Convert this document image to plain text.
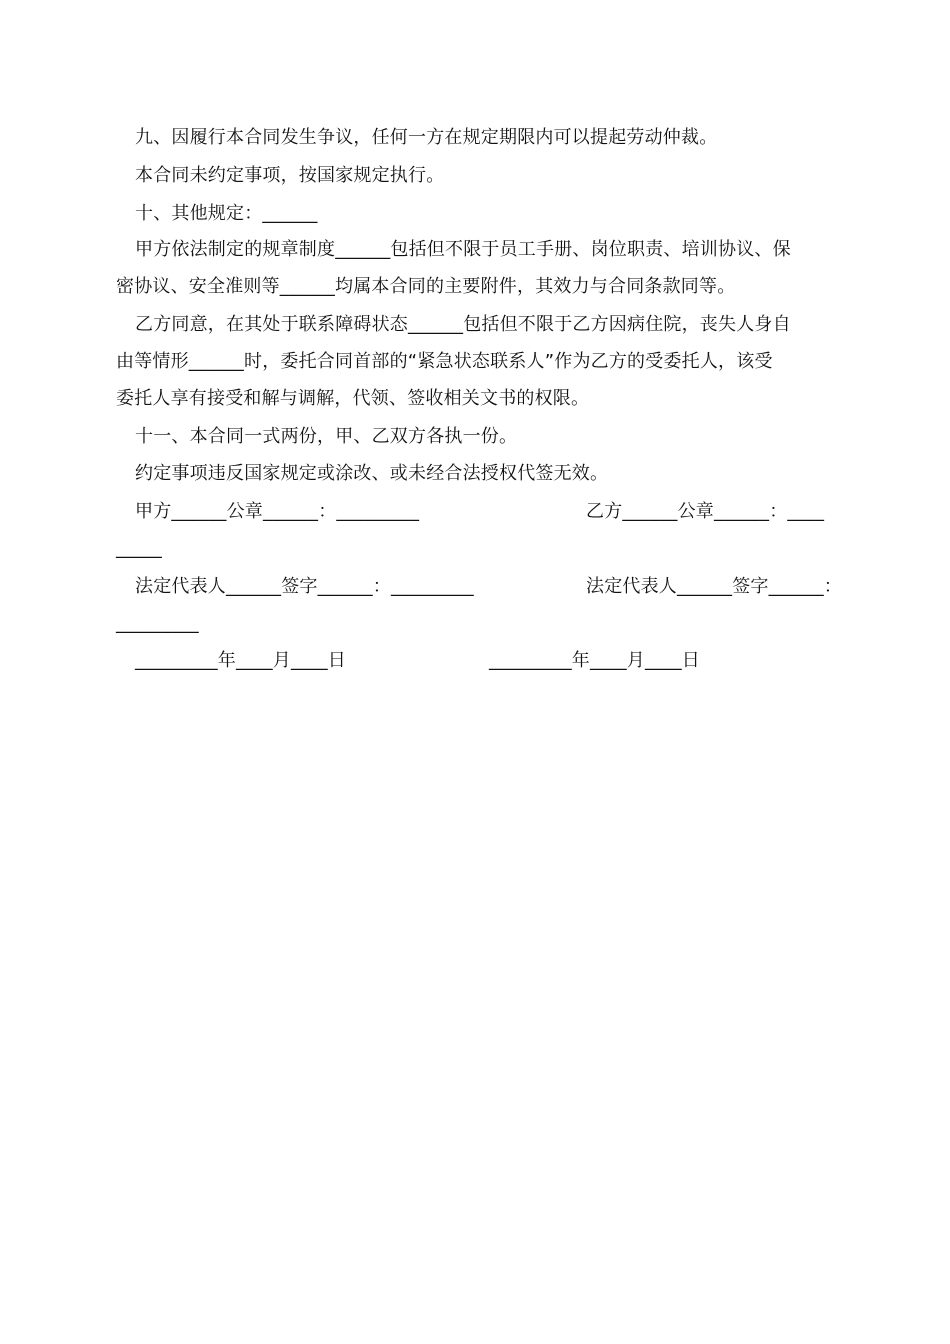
九、因履行本合同发生争议，任何一方在规定期限内可以提起劳动仲裁。
本合同未约定事项，按国家规定执行。
十、其他规定：______
甲方依法制定的规章制度______包括但不限于员工手册、岗位职责、培训协议、保
密协议、安全准则等______均属本合同的主要附件，其效力与合同条款同等。
乙方同意，在其处于联系障碍状态______包括但不限于乙方因病住院，丧失人身自
由等情形______时，委托合同首部的“紧急状态联系人”作为乙方的受委托人，该受
委托人享有接受和解与调解，代领、签收相关文书的权限。
十一、本合同一式两份，甲、乙双方各执一份。
约定事项违反国家规定或涂改、或未经合法授权代签无效。
甲方______公章______：_________	乙方______公章______：____
_____
法定代表人______签字______：_________	法定代表人______签字______：
_________
_________年____月____日	_________年____月____日
